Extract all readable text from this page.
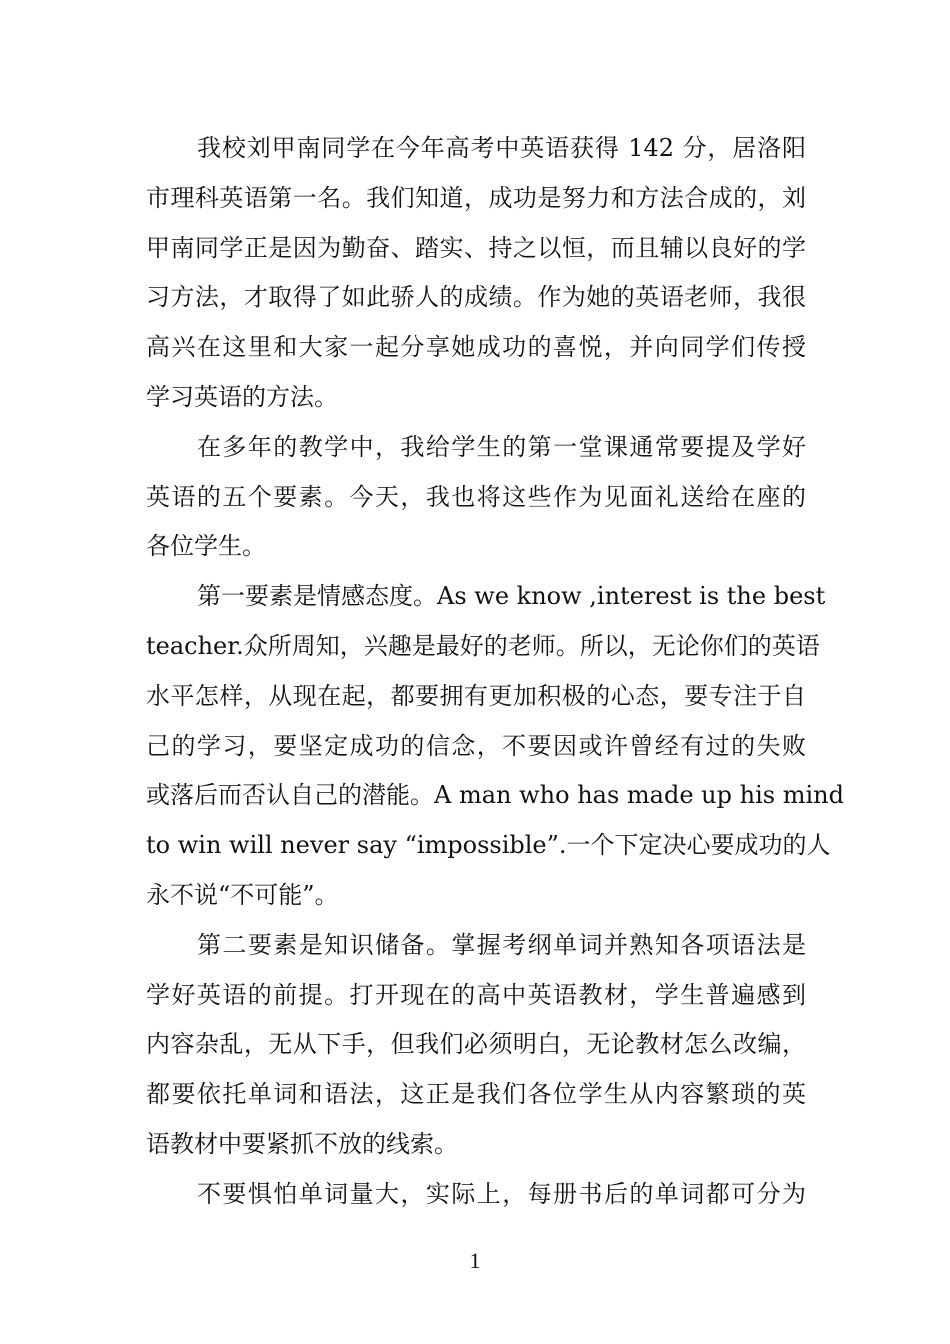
我校刘甲南同学在今年高考中英语获得 142 分，居洛阳
市理科英语第一名。我们知道，成功是努力和方法合成的，刘
甲南同学正是因为勤奋、踏实、持之以恒，而且辅以良好的学
习方法，才取得了如此骄人的成绩。作为她的英语老师，我很
高兴在这里和大家一起分享她成功的喜悦，并向同学们传授
学习英语的方法。
在多年的教学中，我给学生的第一堂课通常要提及学好
英语的五个要素。今天，我也将这些作为见面礼送给在座的
各位学生。
第一要素是情感态度。As we know ,interest is the best
teacher.众所周知，兴趣是最好的老师。所以，无论你们的英语
水平怎样，从现在起，都要拥有更加积极的心态，要专注于自
己的学习，要坚定成功的信念，不要因或许曾经有过的失败
或落后而否认自己的潜能。A man who has made up his mind
to win will never say “impossible”.一个下定决心要成功的人
永不说“不可能”。
第二要素是知识储备。掌握考纲单词并熟知各项语法是
学好英语的前提。打开现在的高中英语教材，学生普遍感到
内容杂乱，无从下手，但我们必须明白，无论教材怎么改编，
都要依托单词和语法，这正是我们各位学生从内容繁琐的英
语教材中要紧抓不放的线索。
不要惧怕单词量大，实际上，每册书后的单词都可分为
1
